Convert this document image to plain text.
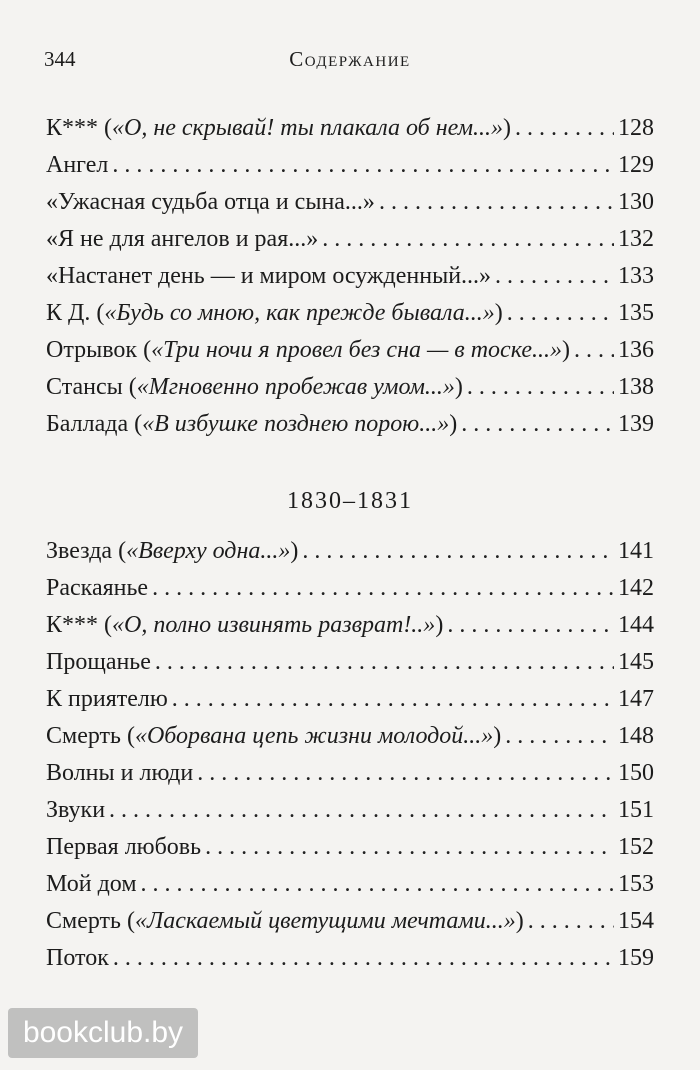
344	Содержание
К*** («О, не скрывай! ты плакала об нем...») . . .	128
Ангел . . .	129
«Ужасная судьба отца и сына...» . . .	130
«Я не для ангелов и рая...» . . .	132
«Настанет день — и миром осужденный...» . . .	133
К Д. («Будь со мною, как прежде бывала...») . . .	135
Отрывок («Три ночи я провел без сна — в тоске...») . . . 136
Стансы («Мгновенно пробежав умом...») . . .	138
Баллада («В избушке позднею порою...») . . .	139
1830–1831
Звезда («Вверху одна...») . . .	141
Раскаянье . . .	142
К*** («О, полно извинять разврат!..») . . .	144
Прощанье . . .	145
К приятелю . . .	147
Смерть («Оборвана цепь жизни молодой...») . . .	148
Волны и люди . . .	150
Звуки . . .	151
Первая любовь . . .	152
Мой дом . . .	153
Смерть («Ласкаемый цветущими мечтами...») . . .	154
Поток . . .	159
bookclub.by
